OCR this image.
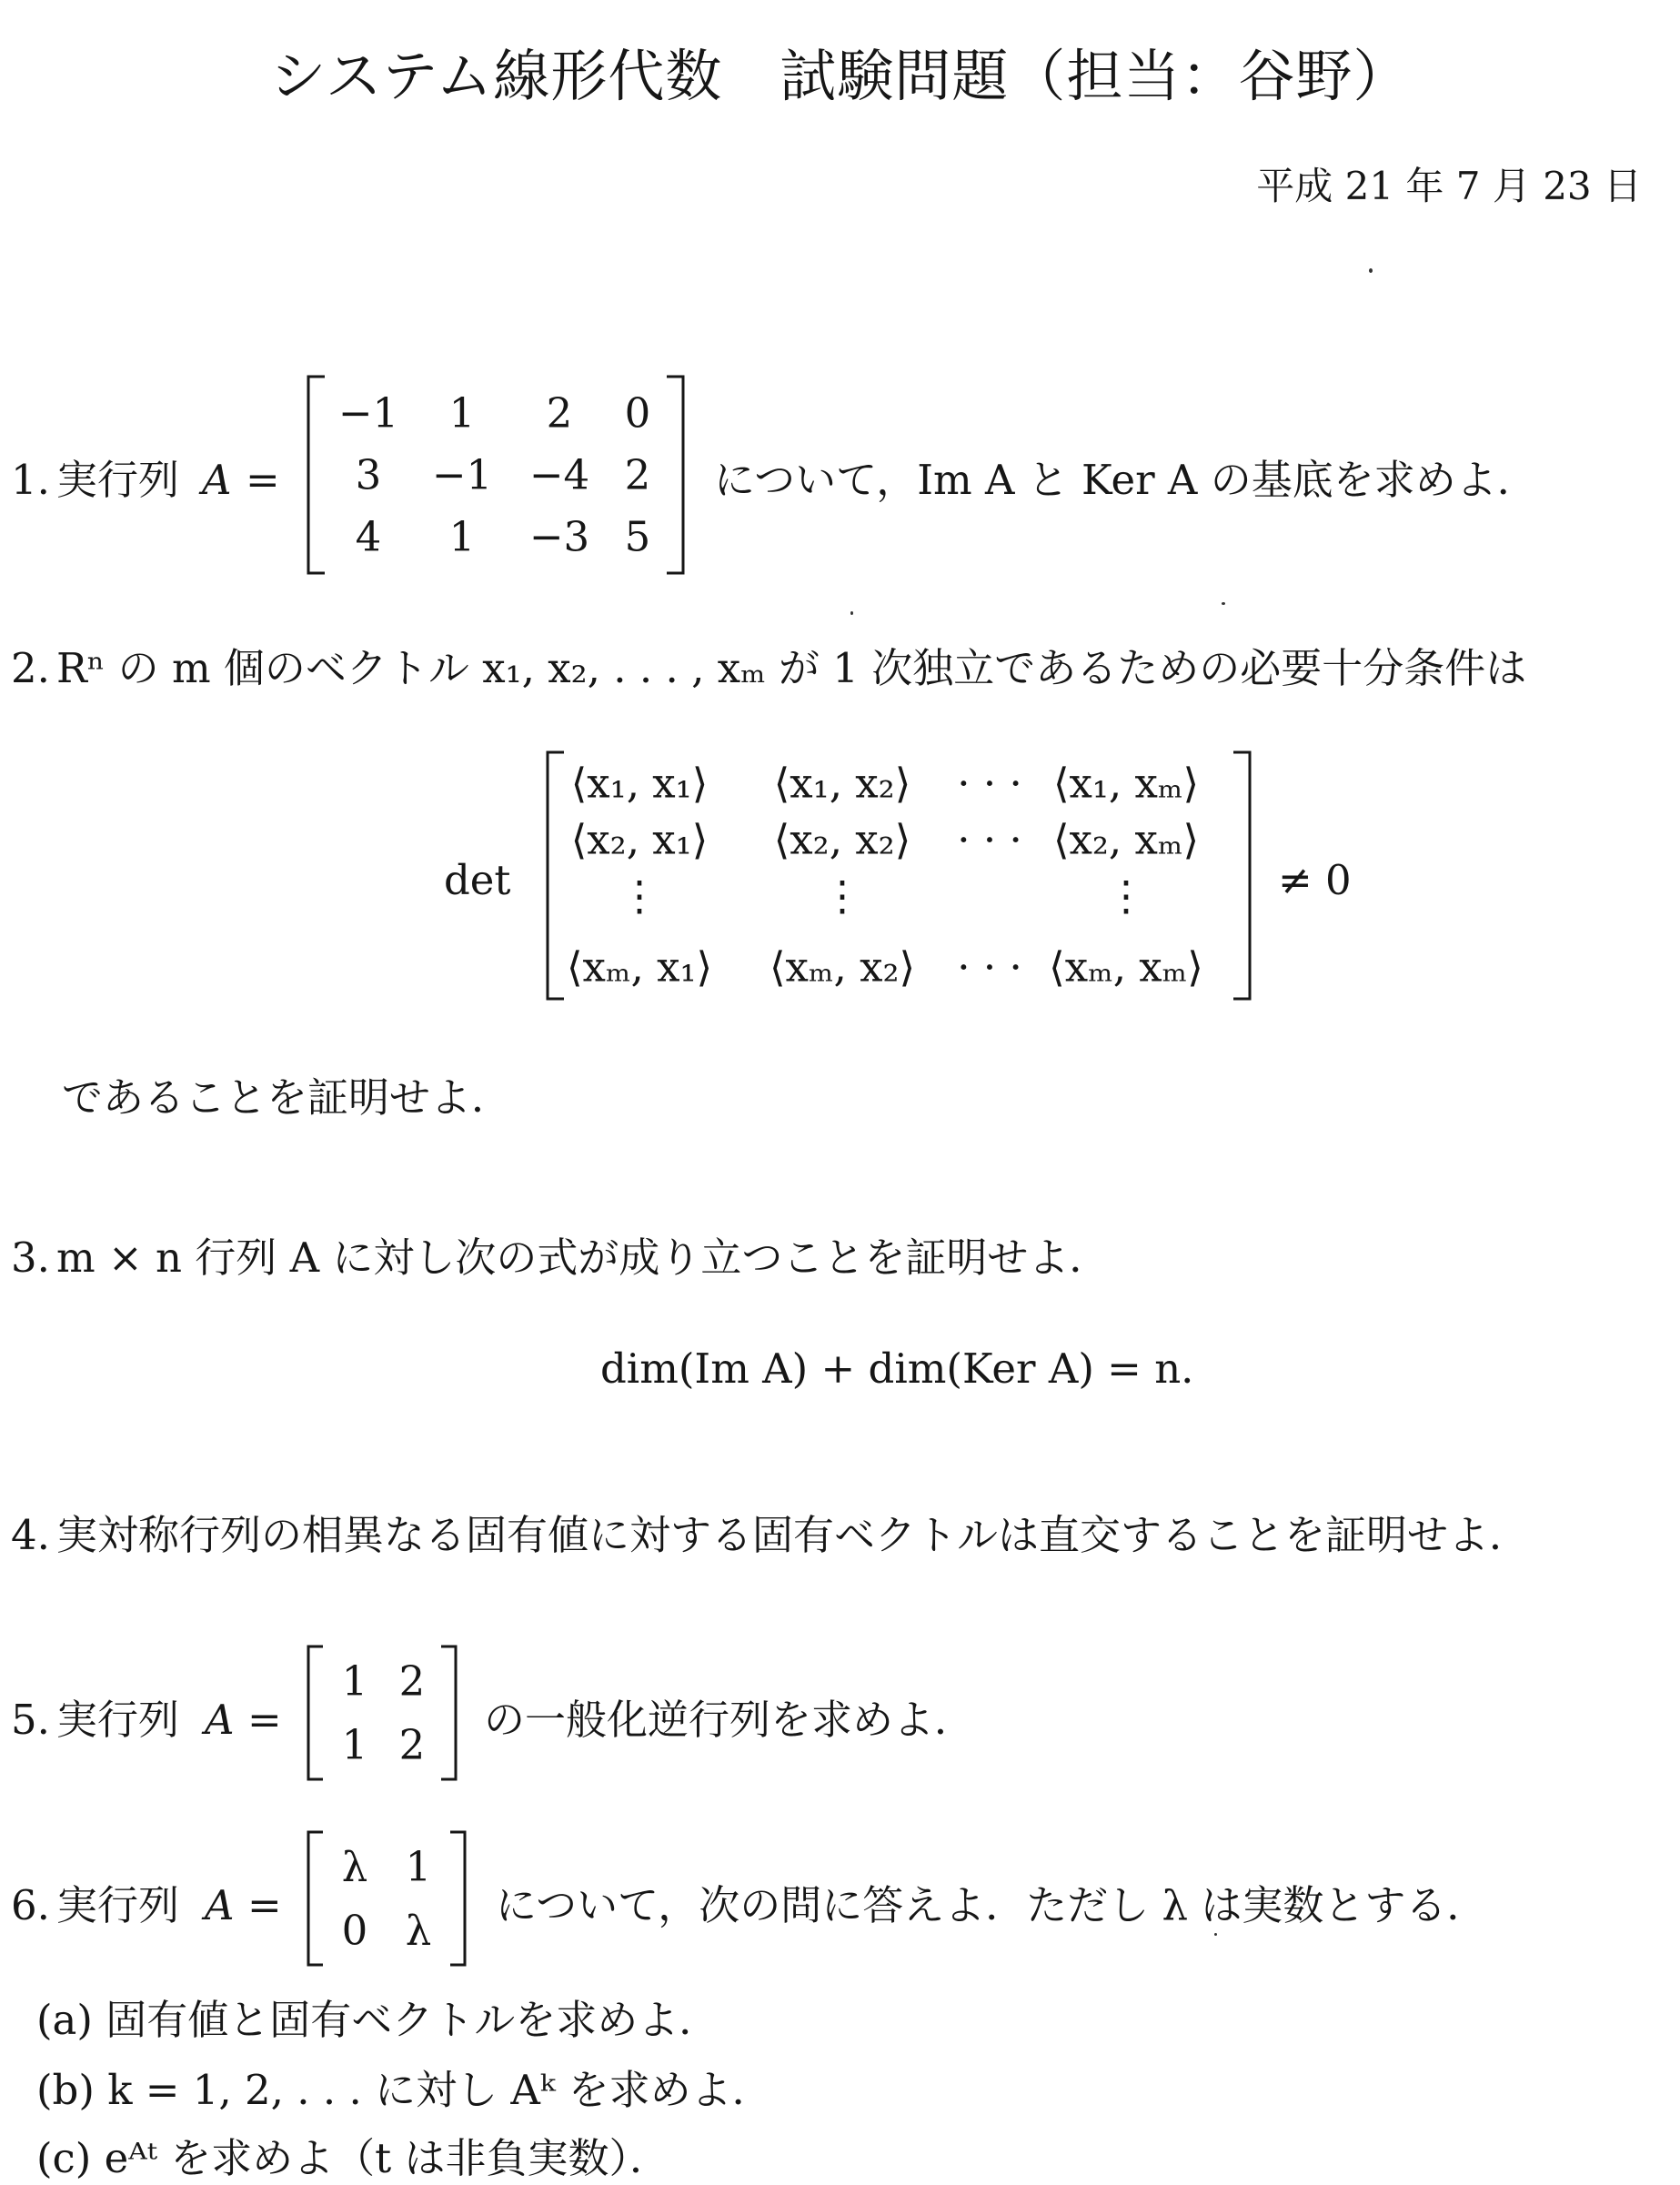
システム線形代数　試験問題（担当：谷野）
平成 21 年 7 月 23 日
1. 実行列 A =
−1 1 2 0
3 −1 −4 2
4 1 −3 5
について，Im A と Ker A の基底を求めよ．
2. Rⁿ の m 個のベクトル x₁, x₂, . . . , xₘ が 1 次独立であるための必要十分条件は
det
⟨x₁, x₁⟩ ⟨x₁, x₂⟩ · · · ⟨x₁, xₘ⟩
⟨x₂, x₁⟩ ⟨x₂, x₂⟩ · · · ⟨x₂, xₘ⟩
⋮	⋮	⋮
⟨xₘ, x₁⟩ ⟨xₘ, x₂⟩ · · · ⟨xₘ, xₘ⟩
≠ 0
であることを証明せよ．
3. m × n 行列 A に対し次の式が成り立つことを証明せよ．
dim(Im A) + dim(Ker A) = n.
4. 実対称行列の相異なる固有値に対する固有ベクトルは直交することを証明せよ．
5. 実行列 A =
1 2
1 2
の一般化逆行列を求めよ．
6. 実行列 A =
λ 1
0 λ
について，次の問に答えよ．ただし λ は実数とする．
(a) 固有値と固有ベクトルを求めよ．
(b) k = 1, 2, . . . に対し Aᵏ を求めよ．
(c) eᴬᵗ を求めよ（t は非負実数）．
